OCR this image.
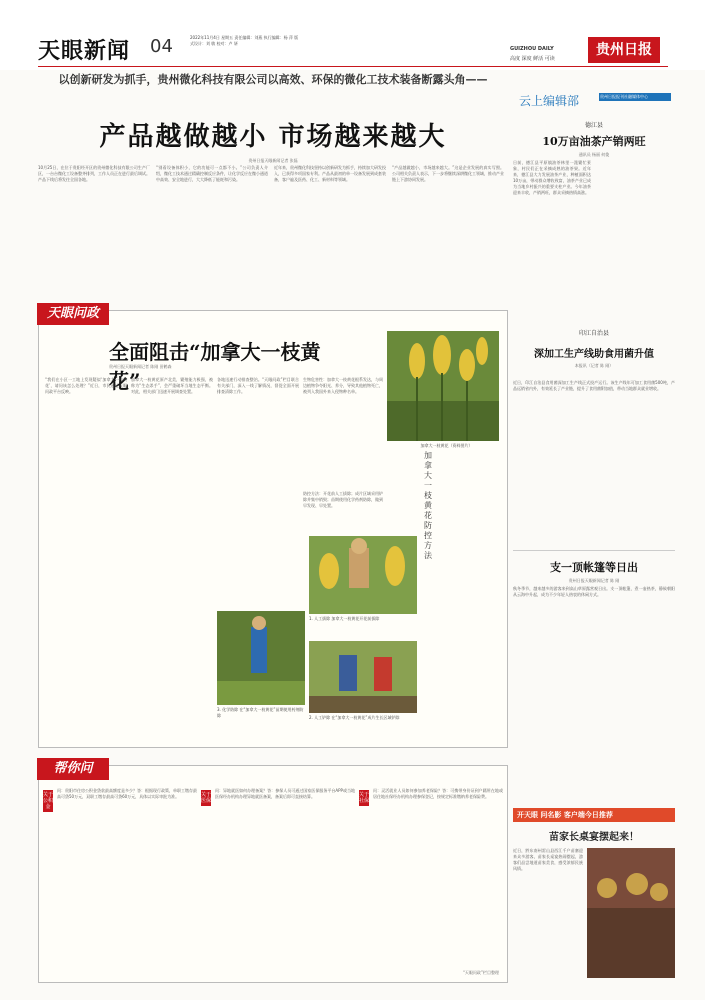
天眼新闻 04	2022年11月4日 星期五 责任编辑：刘燕 执行编辑：杨 萍 版式设计：刘 敏 校对：卢 妍
GUIZHOU DAILY
高度 深度 鲜活 可读
贵州日报
以创新研发为抓手，贵州微化科技有限公司以高效、环保的微化工技术装备断露头角——
产品越做越小 市场越来越大
贵州日报天眼新闻记者 张磊
10月25日，在位于贵阳经开区的贵州微化科技有限公司生产厂区，一台台微化工设备整齐排列，工作人员正在进行最后调试。产品下线后将发往全国各地。
“别看设备体积小，它的功能可一点都不小。”公司负责人介绍，微化工技术通过精确控制反应条件，让化学反应在微小通道中高效、安全地进行，大大降低了能耗和污染。
近年来，贵州微化科技坚持以创新研发为抓手，持续加大研发投入，已获得多项国家专利。产品从最初的单一设备发展到成套装备，客户遍及医药、化工、新材料等领域。
“产品越做越小，市场越来越大。”这是企业发展的真实写照。公司相关负责人表示，下一步将继续深耕微化工领域，推动产业链上下游协同发展。
云上编辑部	贵州日报报刊社融媒体中心
德江县
10万亩油茶产销两旺
通讯员 杨丽 何俊
日前，德江县平原镇油茶林里一派繁忙景象，村民们正在采摘成熟的油茶果。近年来，德江县大力发展油茶产业，种植面积达10万亩，带动群众增收致富，油茶产业已成为当地乡村振兴的重要支柱产业。今年油茶迎来丰收，产销两旺，群众采摘热情高涨。
印江自治县
深加工生产线助食用菌升值
本报讯（记者 陈 刚）
近日，印江自治县食用菌深加工生产线正式投产运行。该生产线年可加工食用菌500吨，产品远销省内外，有效延长了产业链，提升了食用菌附加值，带动当地群众就业增收。
支一顶帐篷等日出
贵州日报天眼新闻记者 陈 刚
秋冬季节，越来越多的游客来到高山草原露营观日出。支一顶帐篷，煮一壶热茶，静候朝阳从云海中升起，成为不少年轻人热衷的休闲方式。
天眼问政
全面阻击“加拿大一枝黄花”
贵州日报天眼新闻记者 陈刚 田鹤森
“我们在小区一工地上发现疑似‘加拿大一枝黄花’，请问该怎么处理？”近日，市民通过天眼问政平台反映。
加拿大一枝黄花原产北美，繁殖能力极强，被称为“生态杀手”，会严重破坏当地生态平衡。对此，相关部门迅速开展调查处置。
各地迅速行动排查整治。“天眼问政”栏目联合有关部门，深入一线了解情况，督促全面开展排查清除工作。
生物危害性：加拿大一枝黄花根系发达，与周边植物争夺阳光、养分，导致其他植物死亡，被列入我国外来入侵物种名单。
防控方法：开花前人工拔除；成片区域采用铲除并集中销毁；苗期使用化学药剂防除，做到早发现、早处置。
加拿大一枝黄花（资料图片）
1. 人工拔除 加拿大一枝黄花开花前拔除
2. 人工铲除 在“加拿大一枝黄花”成片生长区域铲除
3. 化学防除 在“加拿大一枝黄花”苗期使用药剂防除
加拿大一枝黄花防控方法
帮你问
关于公积金
问：贵阳市住房公积金贷款最高额度是多少？答：根据现行政策，单职工缴存最高可贷50万元，双职工缴存最高可贷60万元，具体以实际审批为准。	关于医保
问：异地就医如何办理备案？答：参保人员可通过国家医保服务平台APP或当地医保经办机构办理异地就医备案，备案后即可直接结算。	关于社保
问：灵活就业人员如何参加养老保险？答：可携带身份证到户籍所在地或居住地社保经办机构办理参保登记，按规定标准缴纳养老保险费。
“天眼问政”栏目整理
开天眼 问名影 客户端今日推荐
苗家长桌宴摆起来！
近日，黔东南州雷山县西江千户苗寨迎来众多游客，苗家长桌宴热闹摆起，游客们品尝地道苗家美食，感受浓郁民族风情。
